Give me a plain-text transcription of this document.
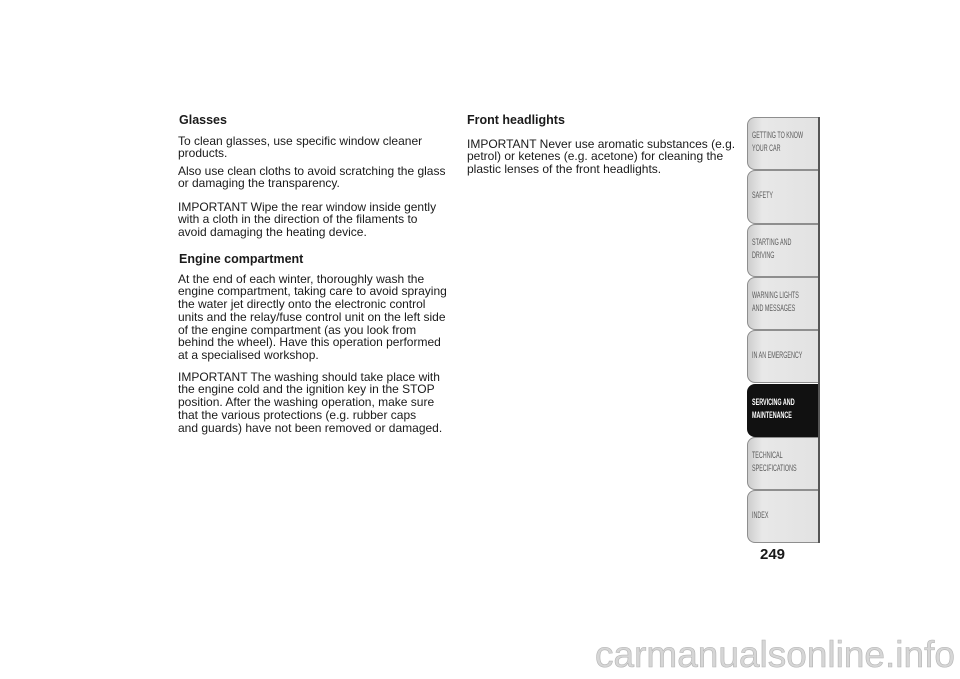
Glasses

To clean glasses, use specific window cleaner
products.

Also use clean cloths to avoid scratching the glass
or damaging the transparency.

IMPORTANT Wipe the rear window inside gently
with a cloth in the direction of the filaments to
avoid damaging the heating device.

Engine compartment

At the end of each winter, thoroughly wash the
engine compartment, taking care to avoid spraying
the water jet directly onto the electronic control
units and the relay/fuse control unit on the left side
of the engine compartment (as you look from
behind the wheel). Have this operation performed
at a specialised workshop.

IMPORTANT The washing should take place with
the engine cold and the ignition key in the STOP
position. After the washing operation, make sure
that the various protections (e.g. rubber caps
and guards) have not been removed or damaged.

Front headlights

IMPORTANT Never use aromatic substances (e.g.
petrol) or ketenes (e.g. acetone) for cleaning the
plastic lenses of the front headlights.

GETTING TO KNOW
YOUR CAR
SAFETY
STARTING AND
DRIVING
WARNING LIGHTS
AND MESSAGES
IN AN EMERGENCY
SERVICING AND
MAINTENANCE
TECHNICAL
SPECIFICATIONS
INDEX
249
carmanualsonline.info
